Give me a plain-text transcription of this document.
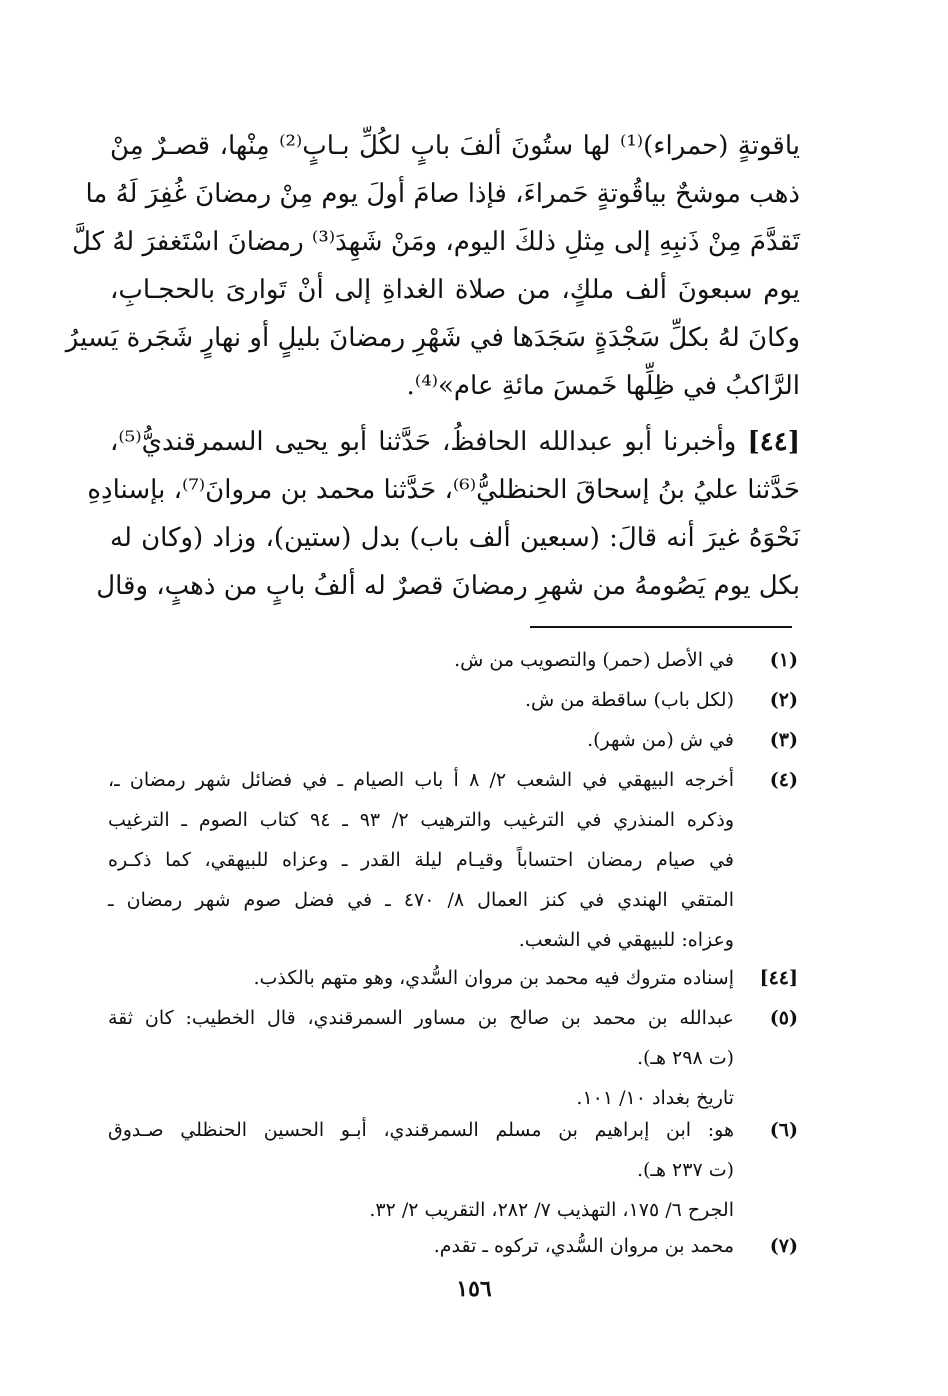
ياقوتةٍ (حمراء)⁽¹⁾ لها ستُونَ ألفَ بابٍ لكُلِّ بـابٍ⁽²⁾ مِنْها، قصـرٌ مِنْ
ذهب موشحٌ بياقُوتةٍ حَمراءَ، فإذا صامَ أولَ يوم مِنْ رمضانَ غُفِرَ لَهُ ما
تَقدَّمَ مِنْ ذَنبِهِ إلى مِثلِ ذلكَ اليوم، ومَنْ شَهِدَ⁽³⁾ رمضانَ اسْتَغفرَ لهُ كلَّ
يوم سبعونَ ألف ملكٍ، من صلاة الغداةِ إلى أنْ تَوارىَ بالحجـابِ،
وكانَ لهُ بكلِّ سَجْدَةٍ سَجَدَها في شَهْرِ رمضانَ بليلٍ أو نهارٍ شَجَرة يَسيرُ
الرَّاكبُ في ظِلِّها خَمسَ مائةِ عام»⁽⁴⁾.
[٤٤] وأخبرنا أبو عبدالله الحافظُ، حَدَّثنا أبو يحيى السمرقنديُّ⁽⁵⁾،
حَدَّثنا عليُ بنُ إسحاقَ الحنظليُّ⁽⁶⁾، حَدَّثنا محمد بن مروانَ⁽⁷⁾، بإسنادِهِ
نَحْوَهُ غيرَ أنه قالَ: (سبعين ألف باب) بدل (ستين)، وزاد (وكان له
بكل يوم يَصُومهُ من شهرِ رمضانَ قصرٌ له ألفُ بابٍ من ذهبٍ، وقال
(١)
في الأصل (حمر) والتصويب من ش.
(٢)
(لكل باب) ساقطة من ش.
(٣)
في ش (من شهر).
(٤)
أخرجه البيهقي في الشعب ٢/ ٨ أ باب الصيام ـ في فضائل شهر رمضان ـ،
وذكره المنذري في الترغيب والترهيب ٢/ ٩٣ ـ ٩٤ كتاب الصوم ـ الترغيب
في صيام رمضان احتساباً وقيـام ليلة القدر ـ وعزاه للبيهقي، كما ذكـره
المتقي الهندي في كنز العمال ٨/ ٤٧٠ ـ في فضل صوم شهر رمضان ـ
وعزاه: للبيهقي في الشعب.
[٤٤]
إسناده متروك فيه محمد بن مروان السُّدي، وهو متهم بالكذب.
(٥)
عبدالله بن محمد بن صالح بن مساور السمرقندي، قال الخطيب: كان ثقة
(ت ٢٩٨ هـ).
تاريخ بغداد ١٠/ ١٠١.
(٦)
هو: ابن إبراهيم بن مسلم السمرقندي، أبـو الحسين الحنظلي صـدوق
(ت ٢٣٧ هـ).
الجرح ٦/ ١٧٥، التهذيب ٧/ ٢٨٢، التقريب ٢/ ٣٢.
(٧)
محمد بن مروان السُّدي، تركوه ـ تقدم.
١٥٦
